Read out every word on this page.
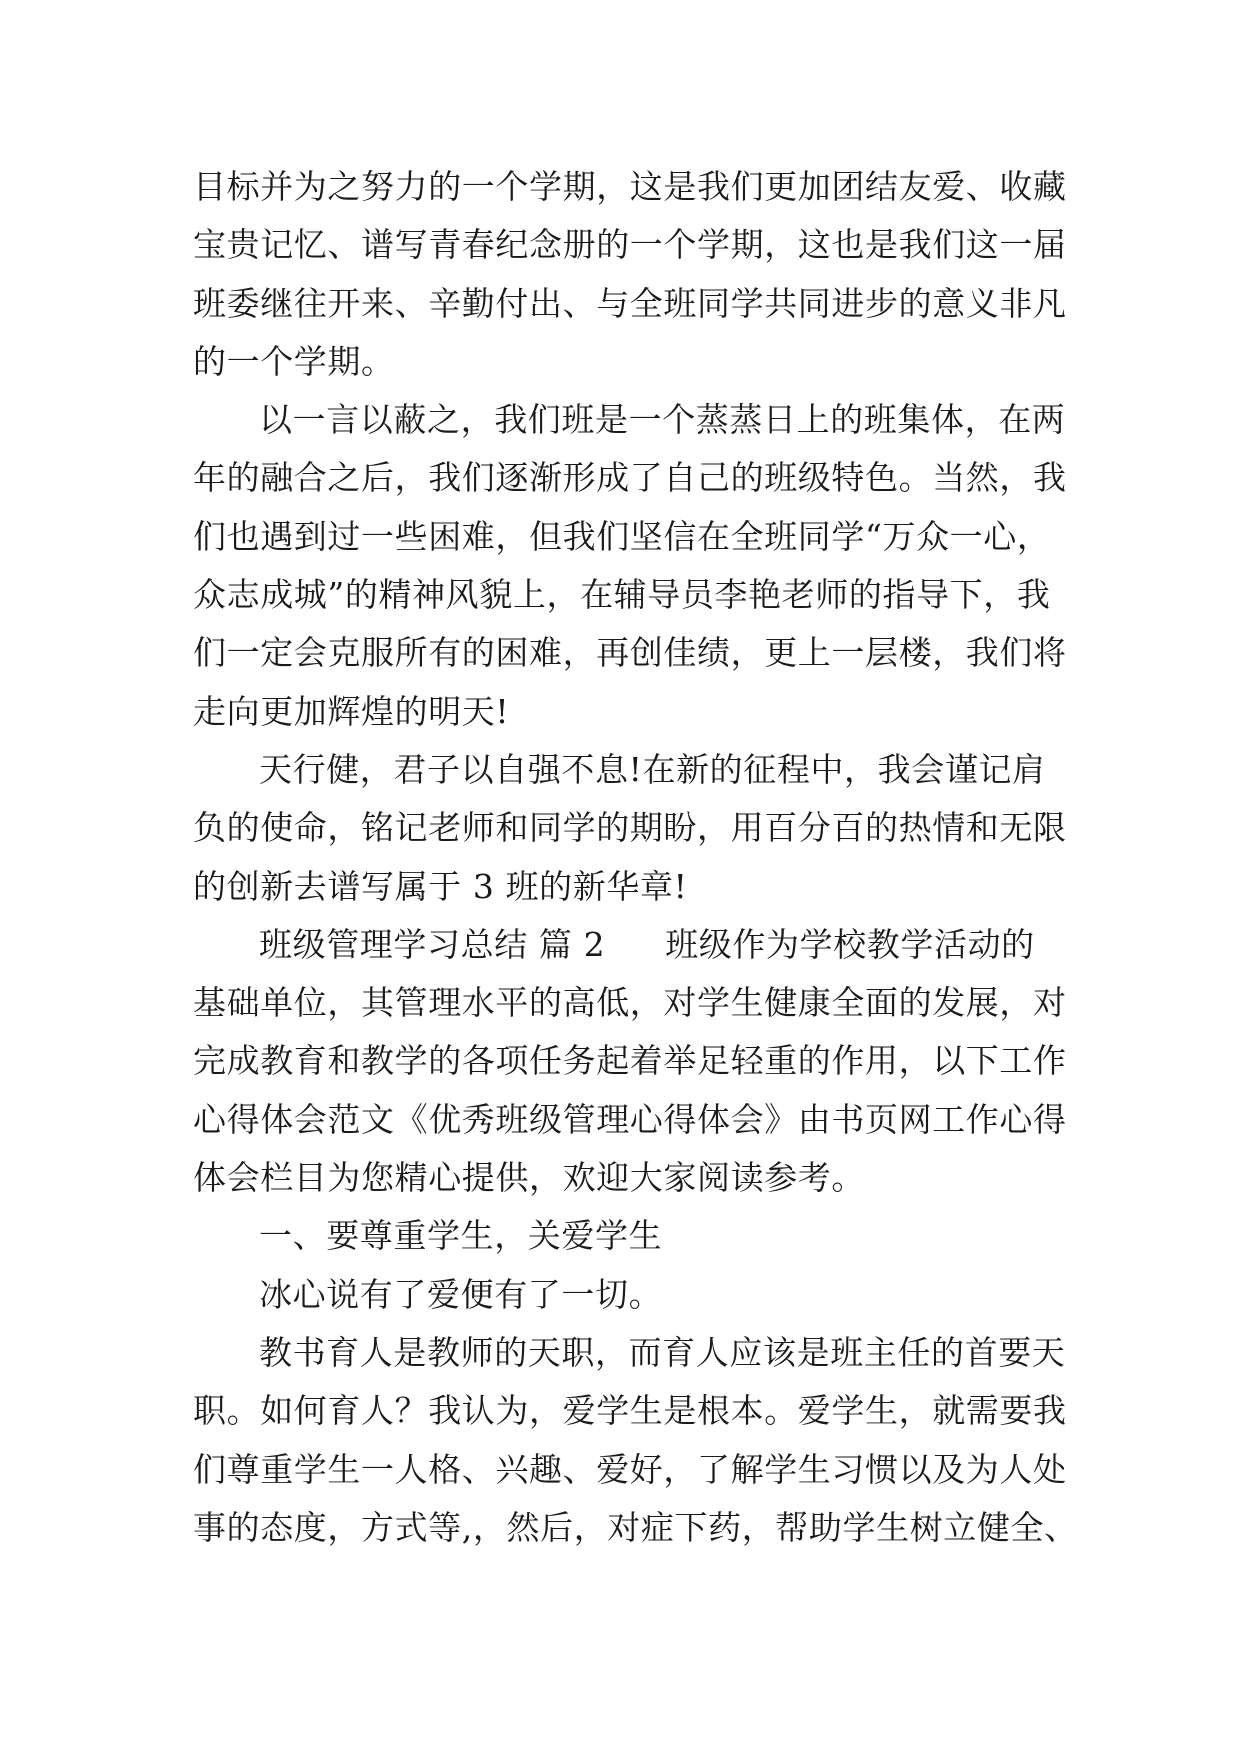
目标并为之努力的一个学期，这是我们更加团结友爱、收藏
宝贵记忆、谱写青春纪念册的一个学期，这也是我们这一届
班委继往开来、辛勤付出、与全班同学共同进步的意义非凡
的一个学期。
以一言以蔽之，我们班是一个蒸蒸日上的班集体，在两
年的融合之后，我们逐渐形成了自己的班级特色。当然，我
们也遇到过一些困难，但我们坚信在全班同学“万众一心，
众志成城”的精神风貌上，在辅导员李艳老师的指导下，我
们一定会克服所有的困难，再创佳绩，更上一层楼，我们将
走向更加辉煌的明天!
天行健，君子以自强不息!在新的征程中，我会谨记肩
负的使命，铭记老师和同学的期盼，用百分百的热情和无限
的创新去谱写属于 3 班的新华章!
班级管理学习总结 篇 2 班级作为学校教学活动的
基础单位，其管理水平的高低，对学生健康全面的发展，对
完成教育和教学的各项任务起着举足轻重的作用，以下工作
心得体会范文《优秀班级管理心得体会》由书页网工作心得
体会栏目为您精心提供，欢迎大家阅读参考。
一、要尊重学生，关爱学生
冰心说有了爱便有了一切。
教书育人是教师的天职，而育人应该是班主任的首要天
职。如何育人？我认为，爱学生是根本。爱学生，就需要我
们尊重学生一人格、兴趣、爱好，了解学生习惯以及为人处
事的态度，方式等,，然后，对症下药，帮助学生树立健全、
